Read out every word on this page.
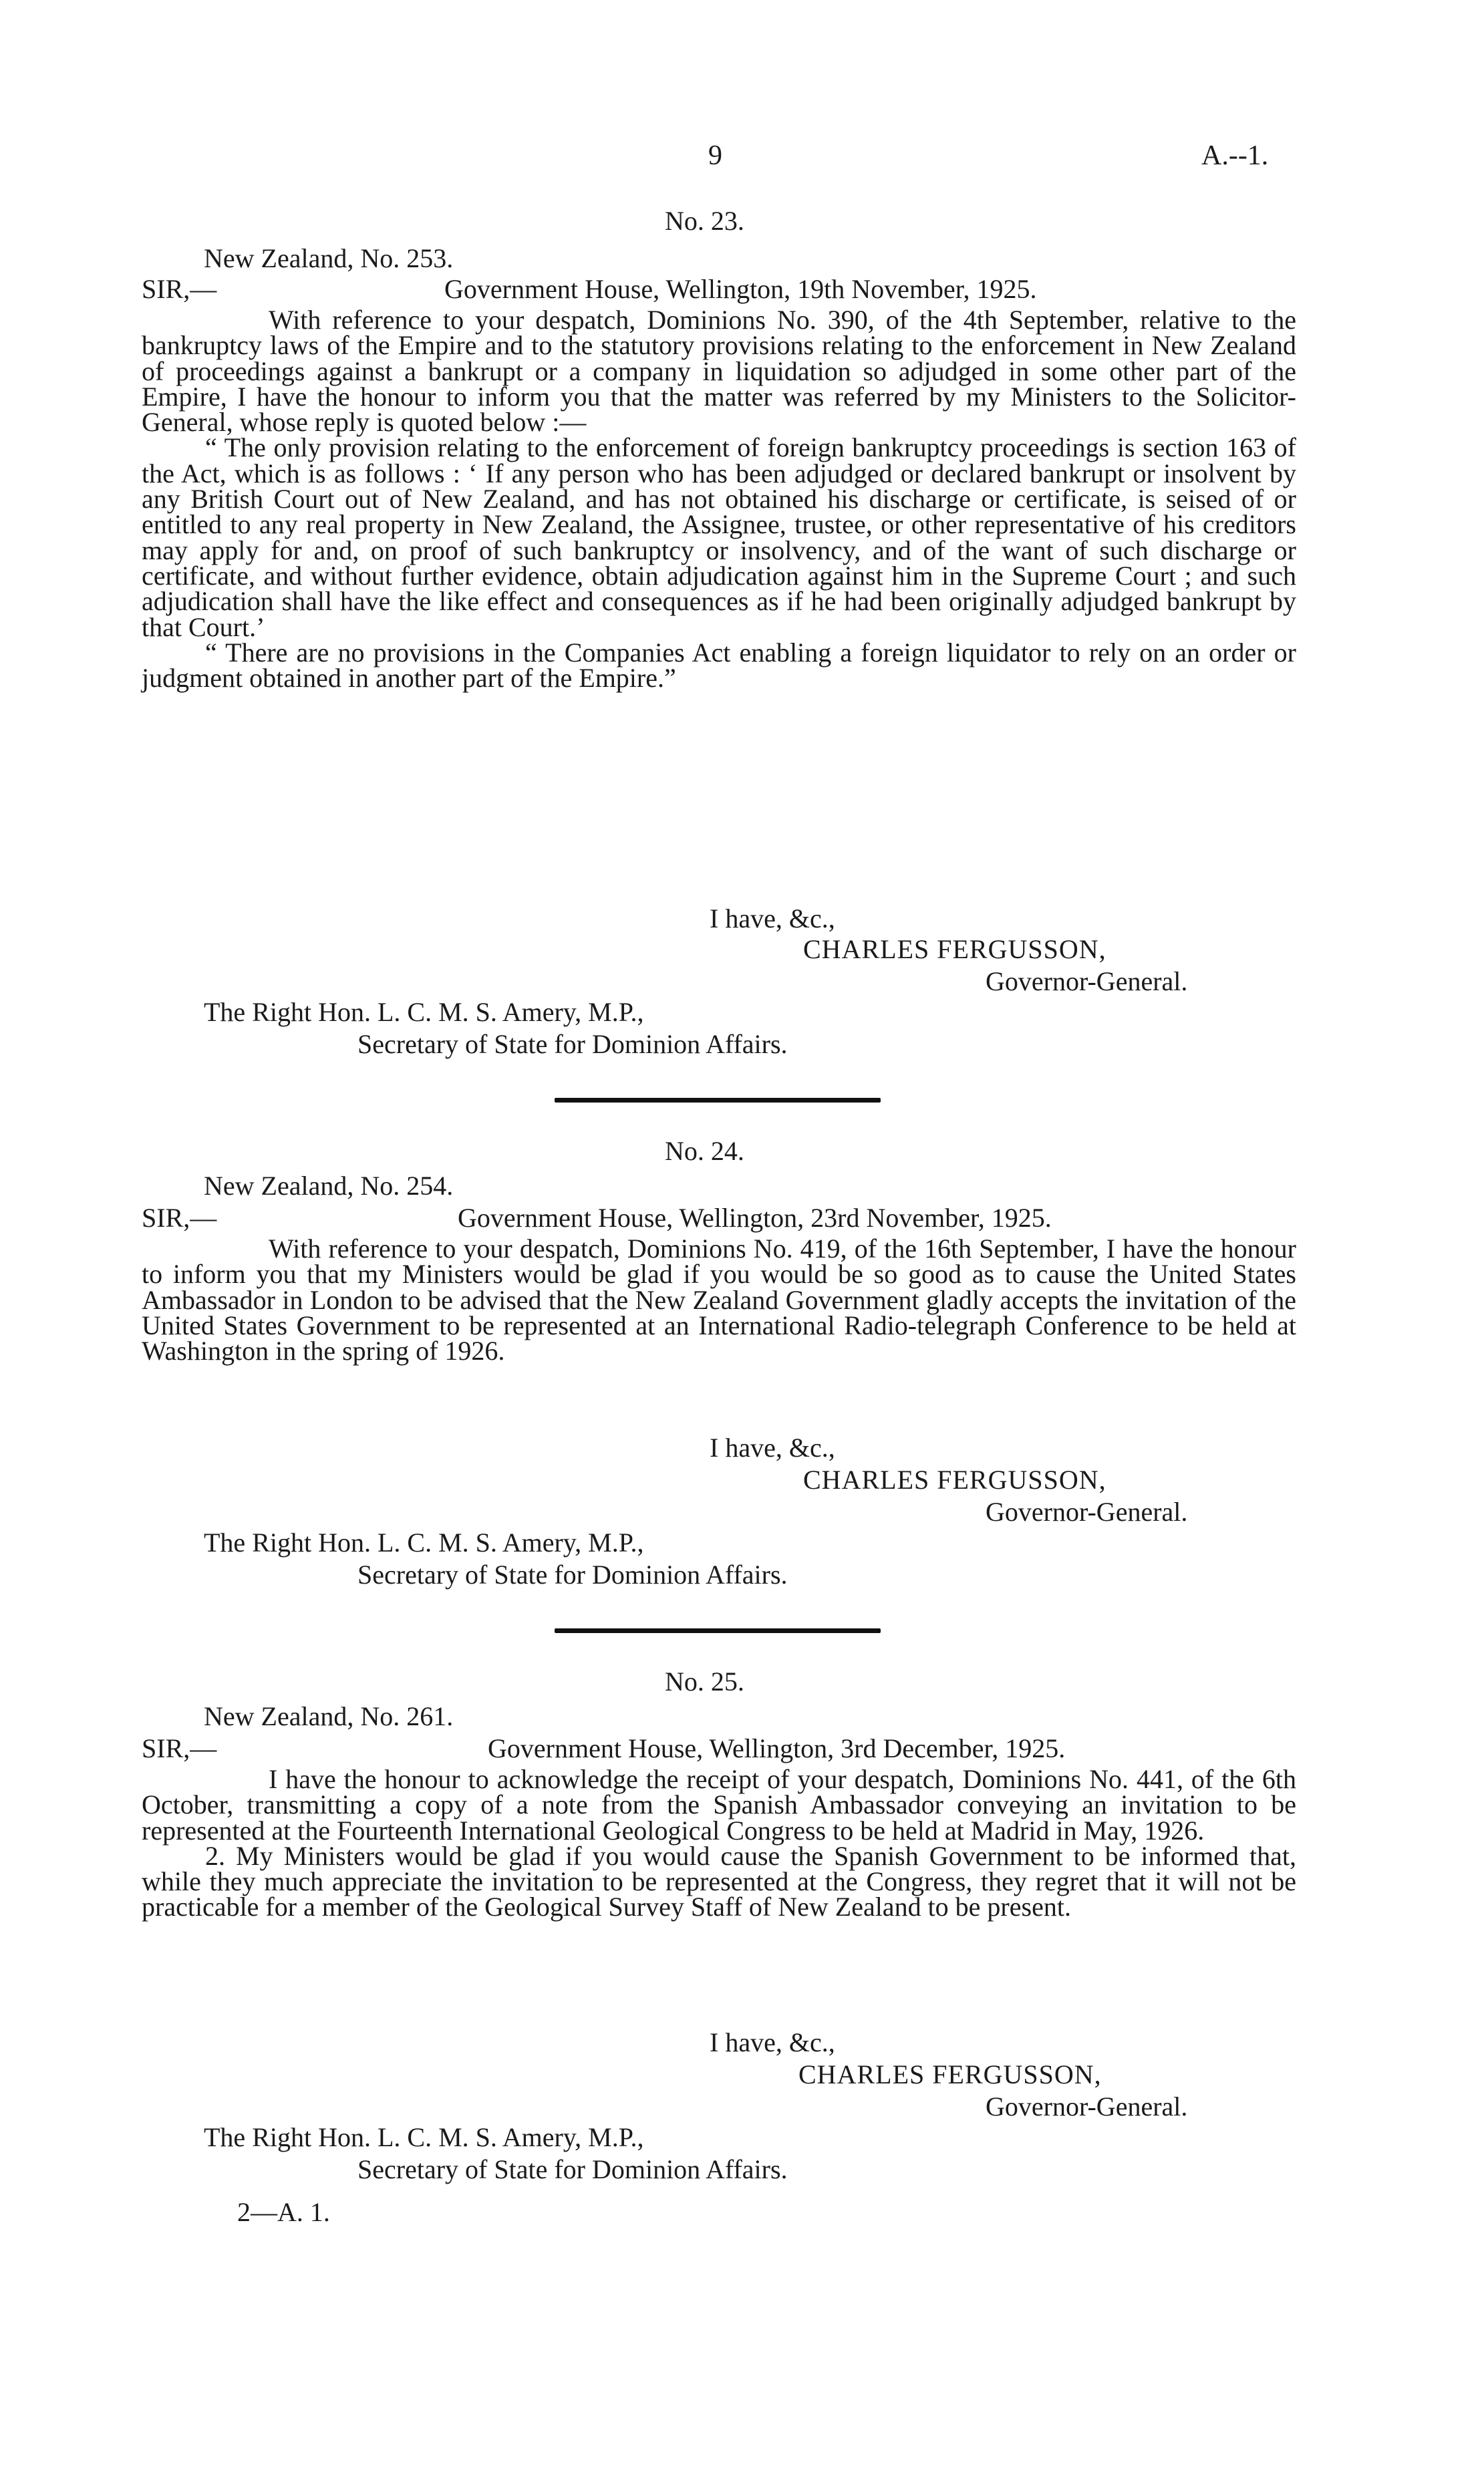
9	A.--1.
No. 23.
New Zealand, No. 253.
SIR,—	Government House, Wellington, 19th November, 1925.

With reference to your despatch, Dominions No. 390, of the 4th September, relative to the bankruptcy laws of the Empire and to the statutory provisions relating to the enforcement in New Zealand of proceedings against a bankrupt or a company in liquidation so adjudged in some other part of the Empire, I have the honour to inform you that the matter was referred by my Ministers to the Solicitor-General, whose reply is quoted below :—

“ The only provision relating to the enforcement of foreign bankruptcy proceedings is section 163 of the Act, which is as follows : ‘ If any person who has been adjudged or declared bankrupt or insolvent by any British Court out of New Zealand, and has not obtained his discharge or certificate, is seised of or entitled to any real property in New Zealand, the Assignee, trustee, or other representative of his creditors may apply for and, on proof of such bankruptcy or insolvency, and of the want of such discharge or certificate, and without further evidence, obtain adjudication against him in the Supreme Court ; and such adjudication shall have the like effect and consequences as if he had been originally adjudged bankrupt by that Court.’

“ There are no provisions in the Companies Act enabling a foreign liquidator to rely on an order or judgment obtained in another part of the Empire.”

I have, &c.,
CHARLES FERGUSSON,
Governor-General.
The Right Hon. L. C. M. S. Amery, M.P.,
Secretary of State for Dominion Affairs.
No. 24.
New Zealand, No. 254.
SIR,—	Government House, Wellington, 23rd November, 1925.

With reference to your despatch, Dominions No. 419, of the 16th September, I have the honour to inform you that my Ministers would be glad if you would be so good as to cause the United States Ambassador in London to be advised that the New Zealand Government gladly accepts the invitation of the United States Government to be represented at an International Radio-telegraph Conference to be held at Washington in the spring of 1926.

I have, &c.,
CHARLES FERGUSSON,
Governor-General.
The Right Hon. L. C. M. S. Amery, M.P.,
Secretary of State for Dominion Affairs.
No. 25.
New Zealand, No. 261.
SIR,—	Government House, Wellington, 3rd December, 1925.

I have the honour to acknowledge the receipt of your despatch, Dominions No. 441, of the 6th October, transmitting a copy of a note from the Spanish Ambassador conveying an invitation to be represented at the Fourteenth International Geological Congress to be held at Madrid in May, 1926.

2. My Ministers would be glad if you would cause the Spanish Government to be informed that, while they much appreciate the invitation to be represented at the Congress, they regret that it will not be practicable for a member of the Geological Survey Staff of New Zealand to be present.

I have, &c.,
CHARLES FERGUSSON,
Governor-General.
The Right Hon. L. C. M. S. Amery, M.P.,
Secretary of State for Dominion Affairs.
2—A. 1.
